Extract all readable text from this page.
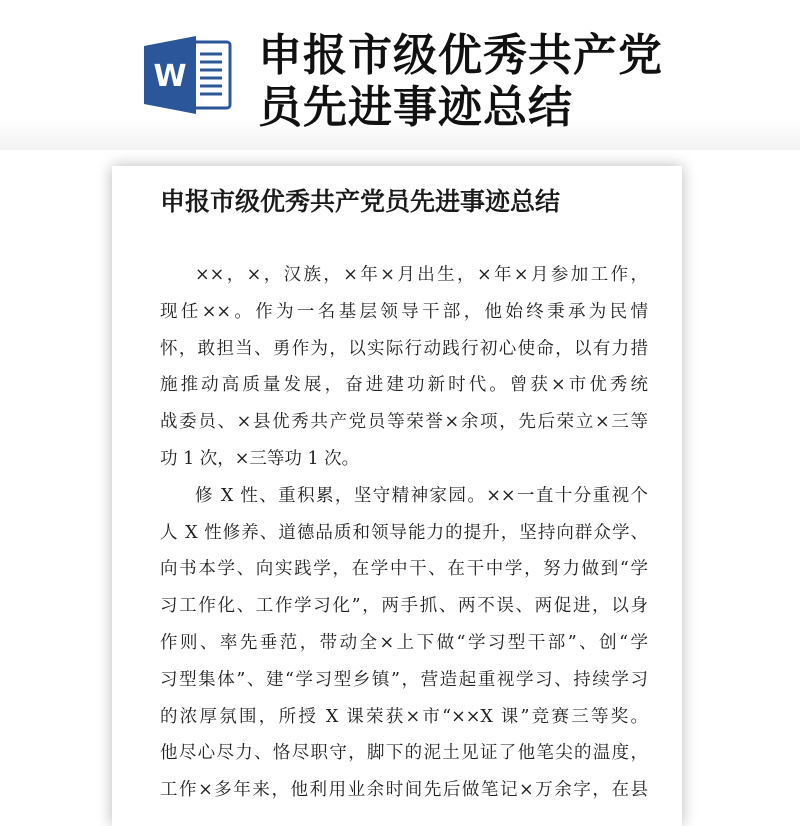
W 申报市级优秀共产党
员先进事迹总结
申报市级优秀共产党员先进事迹总结

××，×，汉族，×年×月出生，×年×月参加工作，
现任××。作为一名基层领导干部，他始终秉承为民情
怀，敢担当、勇作为，以实际行动践行初心使命，以有力措
施推动高质量发展，奋进建功新时代。曾获×市优秀统
战委员、×县优秀共产党员等荣誉×余项，先后荣立×三等
功 1 次，×三等功 1 次。

修 X 性、重积累，坚守精神家园。××一直十分重视个
人 X 性修养、道德品质和领导能力的提升，坚持向群众学、
向书本学、向实践学，在学中干、在干中学，努力做到“学
习工作化、工作学习化”，两手抓、两不误、两促进，以身
作则、率先垂范，带动全×上下做“学习型干部”、创“学
习型集体”、建“学习型乡镇”，营造起重视学习、持续学习
的浓厚氛围，所授 X 课荣获×市“××X 课”竞赛三等奖。
他尽心尽力、恪尽职守，脚下的泥土见证了他笔尖的温度，
工作×多年来，他利用业余时间先后做笔记×万余字，在县
